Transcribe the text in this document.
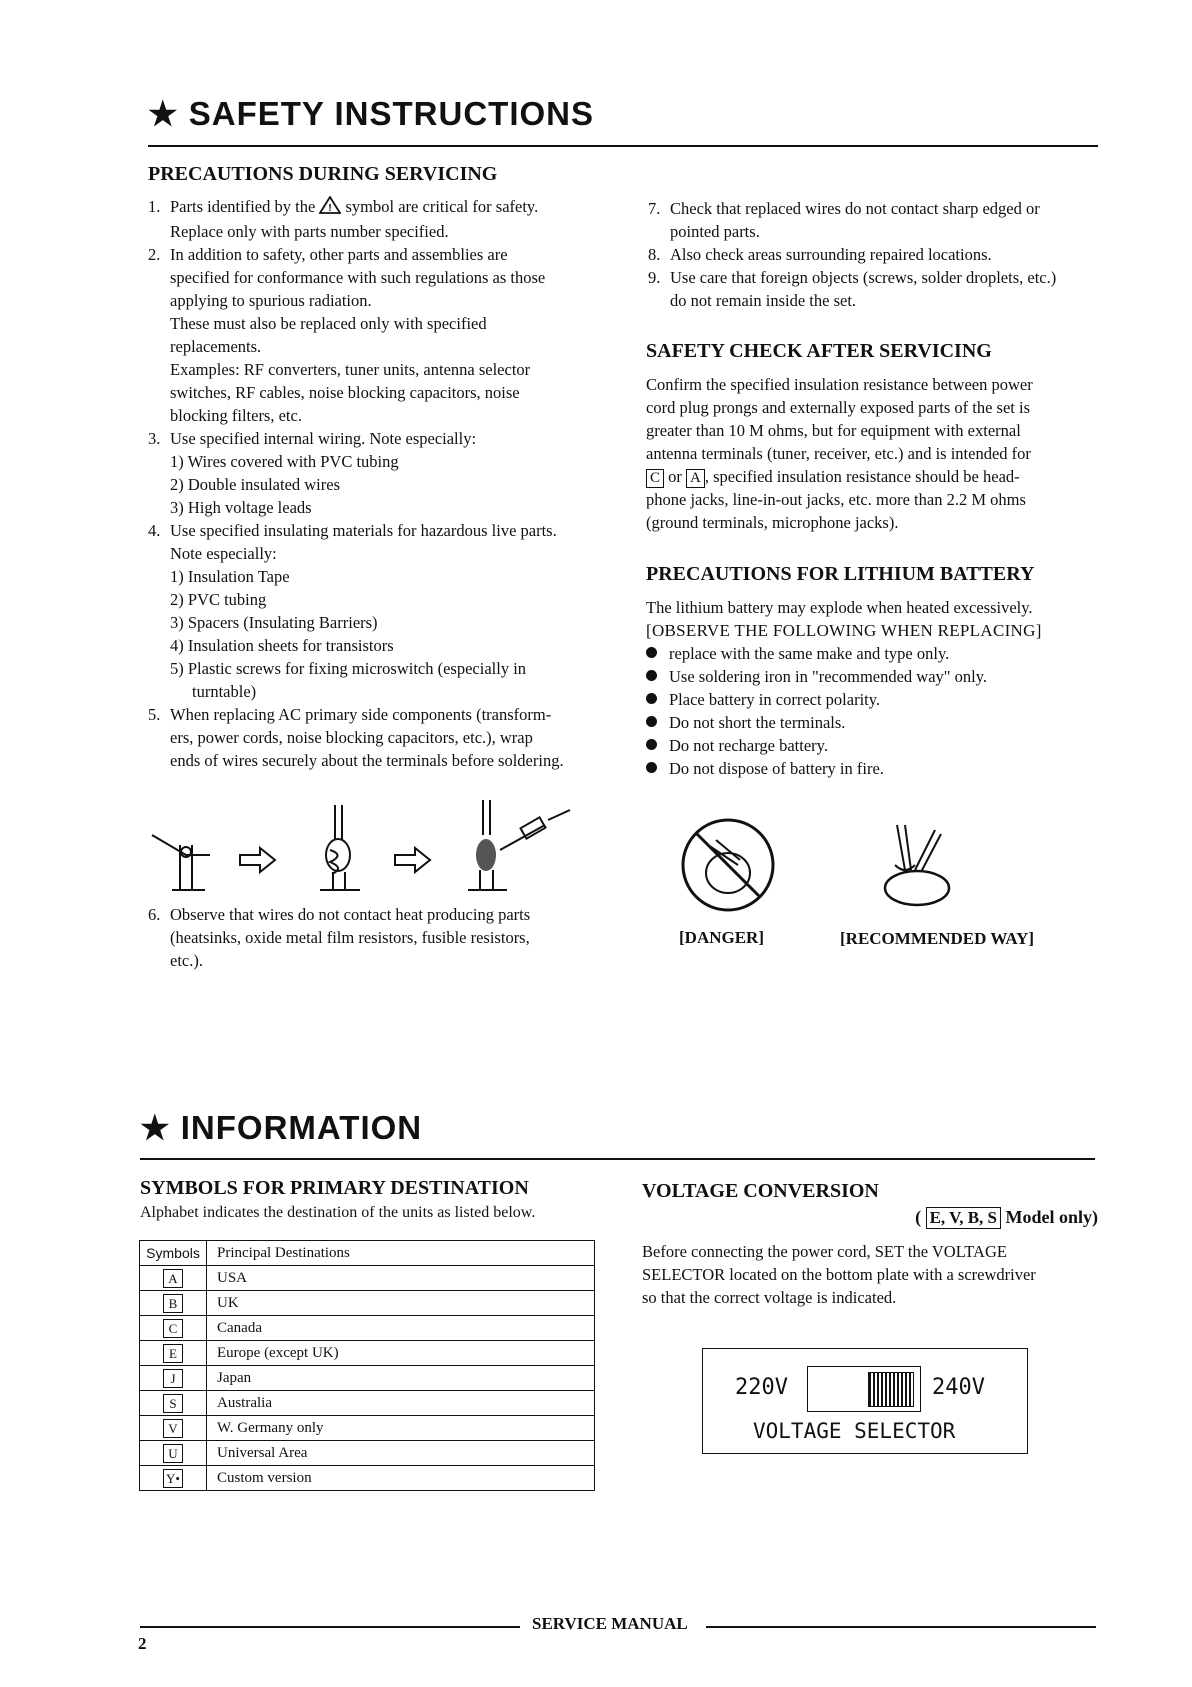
★ SAFETY INSTRUCTIONS
PRECAUTIONS DURING SERVICING
1. Parts identified by the ! symbol are critical for safety.
Replace only with parts number specified.
2. In addition to safety, other parts and assemblies are
specified for conformance with such regulations as those
applying to spurious radiation.
These must also be replaced only with specified
replacements.
Examples: RF converters, tuner units, antenna selector
switches, RF cables, noise blocking capacitors, noise
blocking filters, etc.
3. Use specified internal wiring. Note especially:
1) Wires covered with PVC tubing
2) Double insulated wires
3) High voltage leads
4. Use specified insulating materials for hazardous live parts.
Note especially:
1) Insulation Tape
2) PVC tubing
3) Spacers (Insulating Barriers)
4) Insulation sheets for transistors
5) Plastic screws for fixing microswitch (especially in
turntable)
5. When replacing AC primary side components (transform-
ers, power cords, noise blocking capacitors, etc.), wrap
ends of wires securely about the terminals before soldering.
6. Observe that wires do not contact heat producing parts
(heatsinks, oxide metal film resistors, fusible resistors,
etc.).
7. Check that replaced wires do not contact sharp edged or
pointed parts.
8. Also check areas surrounding repaired locations.
9. Use care that foreign objects (screws, solder droplets, etc.)
do not remain inside the set.
SAFETY CHECK AFTER SERVICING
Confirm the specified insulation resistance between power
cord plug prongs and externally exposed parts of the set is
greater than 10 M ohms, but for equipment with external
antenna terminals (tuner, receiver, etc.) and is intended for
C or A , specified insulation resistance should be head-
phone jacks, line-in-out jacks, etc. more than 2.2 M ohms
(ground terminals, microphone jacks).
PRECAUTIONS FOR LITHIUM BATTERY
The lithium battery may explode when heated excessively.
[OBSERVE THE FOLLOWING WHEN REPLACING]
replace with the same make and type only.
Use soldering iron in "recommended way" only.
Place battery in correct polarity.
Do not short the terminals.
Do not recharge battery.
Do not dispose of battery in fire.
[DANGER]	[RECOMMENDED WAY]
★ INFORMATION
SYMBOLS FOR PRIMARY DESTINATION
Alphabet indicates the destination of the units as listed below.
Symbols	Principal Destinations
A	USA
B	UK
C	Canada
E	Europe (except UK)
J	Japan
S	Australia
V	W. Germany only
U	Universal Area
Y•	Custom version
VOLTAGE CONVERSION
( E, V, B, S Model only)
Before connecting the power cord, SET the VOLTAGE
SELECTOR located on the bottom plate with a screwdriver
so that the correct voltage is indicated.
220V	240V
VOLTAGE SELECTOR
SERVICE MANUAL
2
